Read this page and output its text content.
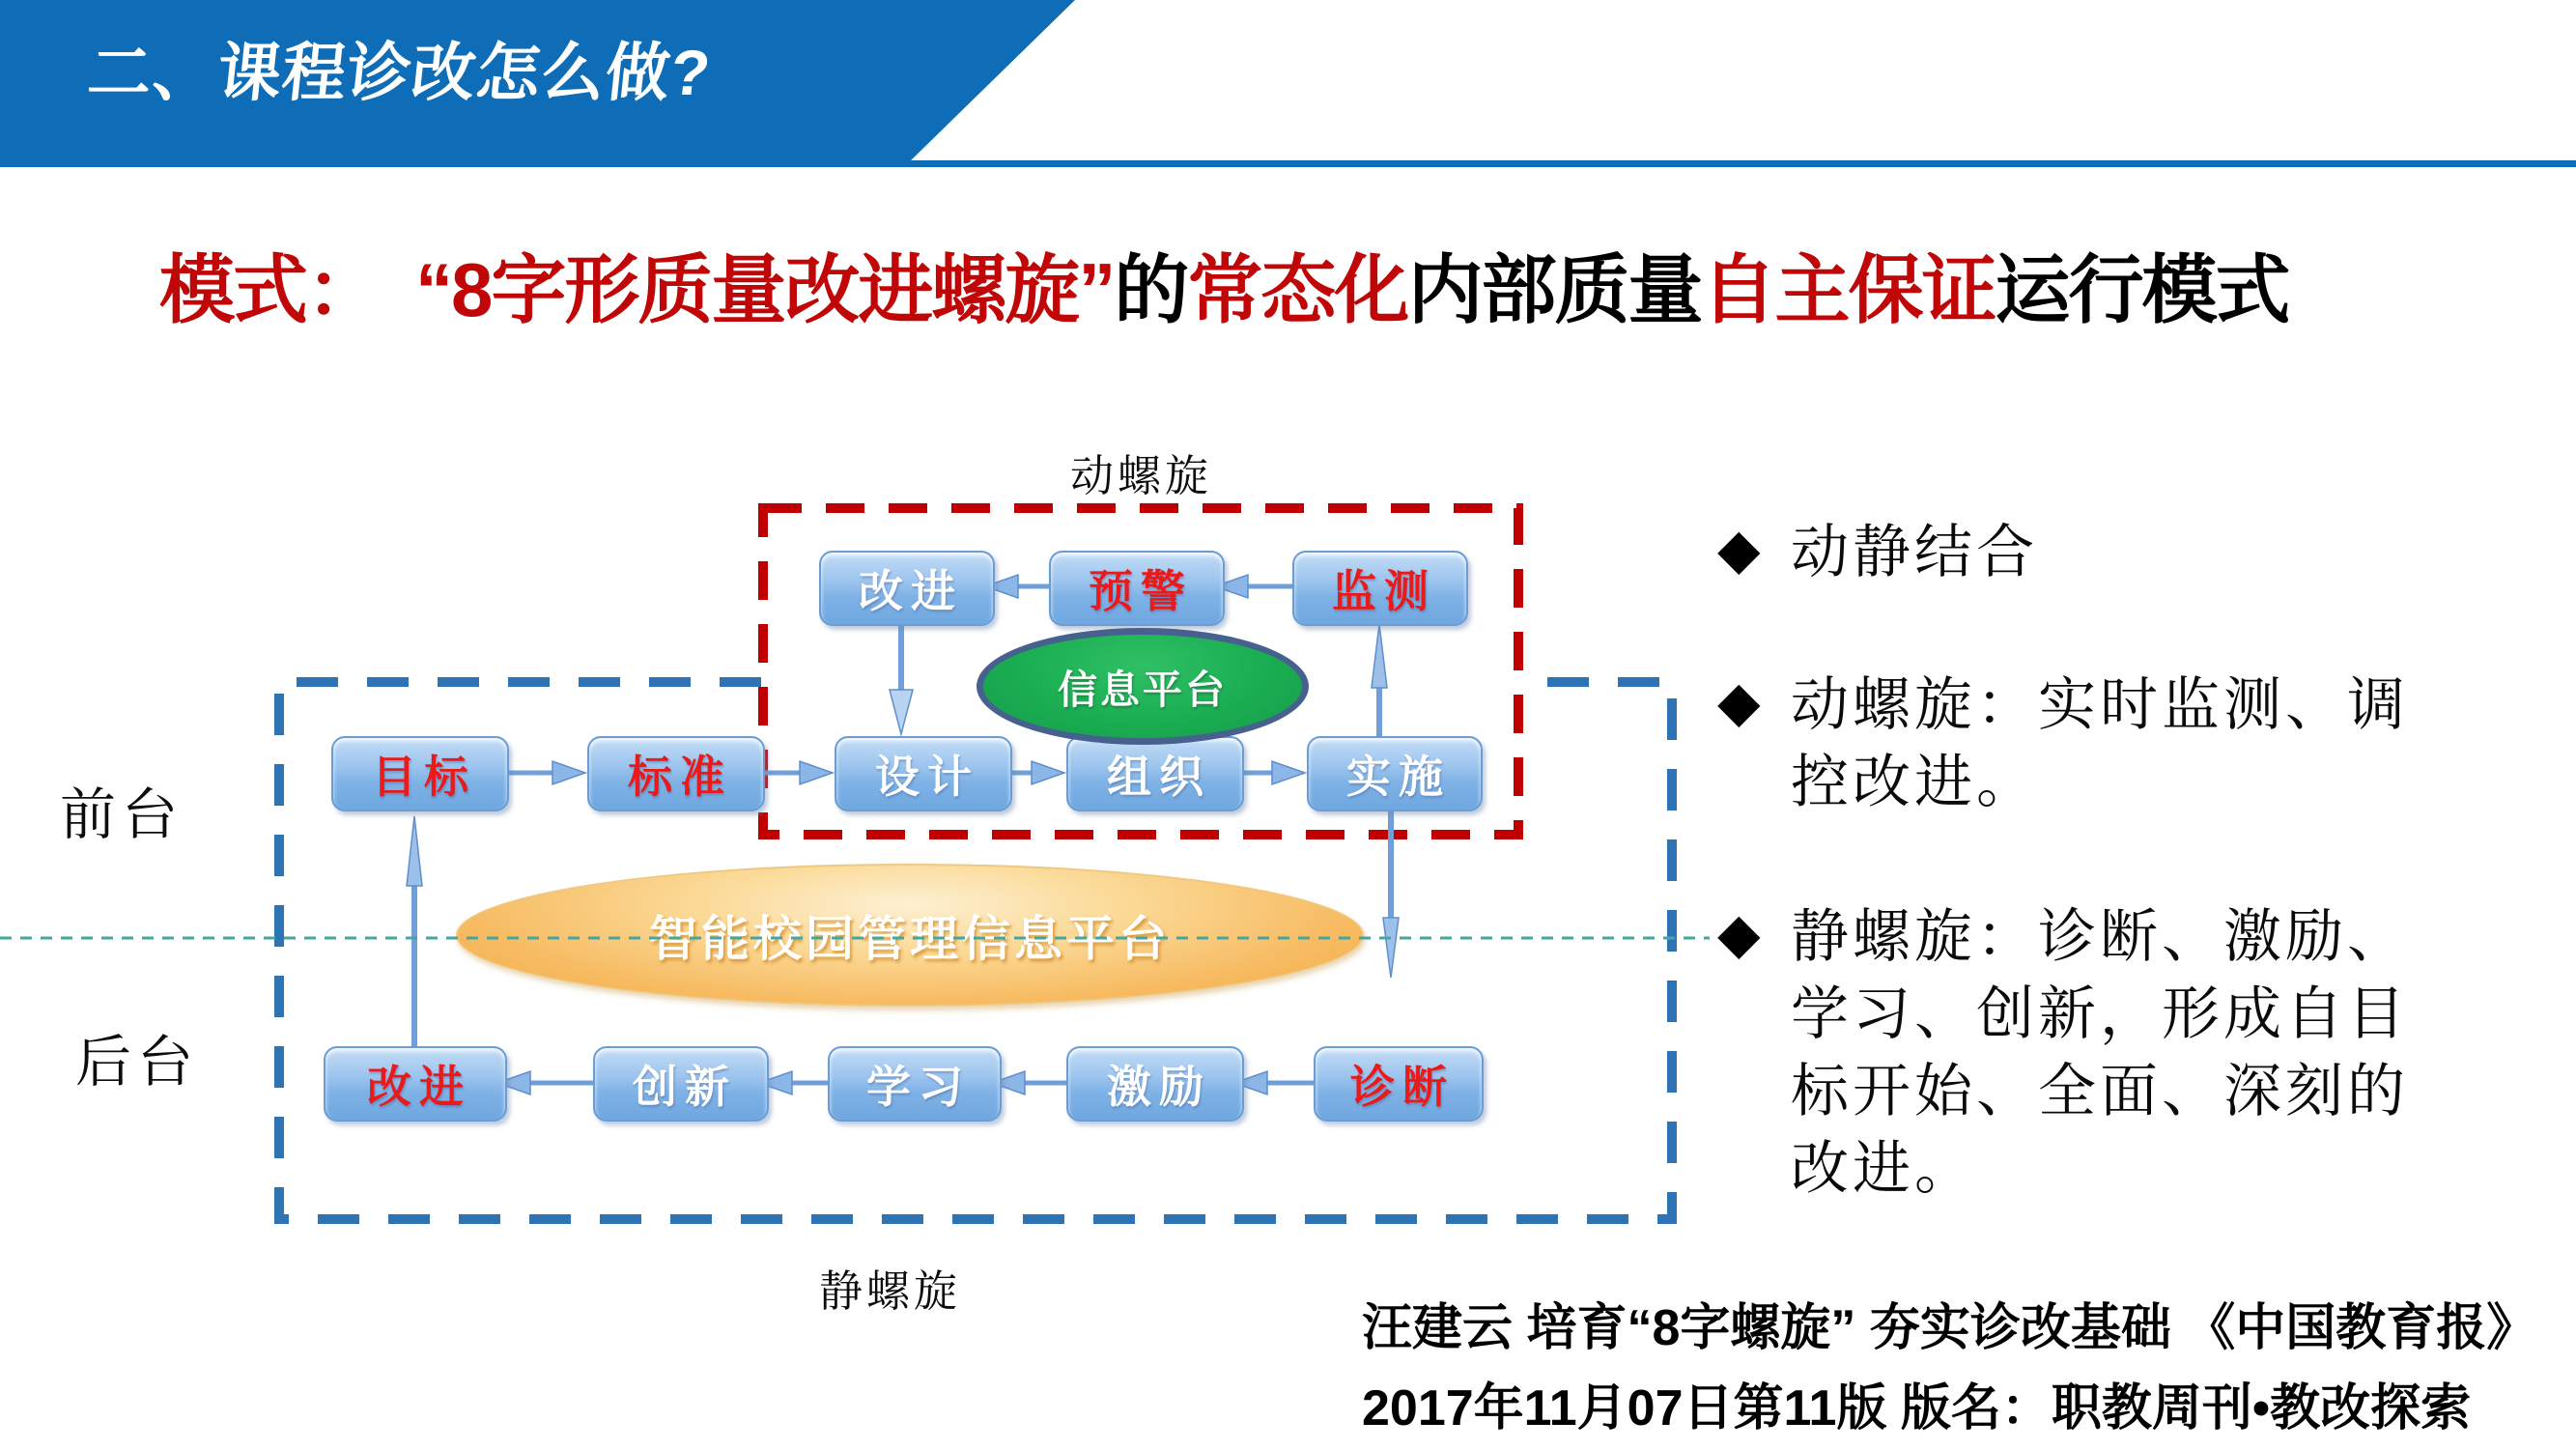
二、课程诊改怎么做?
模式：　“8字形质量改进螺旋”的常态化内部质量自主保证运行模式
动螺旋
静螺旋
前台
后台
改进	预警	监测
目标	标准	设计	组织	实施
改进	创新	学习	激励	诊断
信息平台
智能校园管理信息平台
◆ 动静结合
◆ 动螺旋：实时监测、调
控改进。
◆ 静螺旋：诊断、激励、
学习、创新，形成自目
标开始、全面、深刻的
改进。
汪建云 培育“8字螺旋” 夯实诊改基础 《中国教育报》
2017年11月07日第11版 版名：职教周刊•教改探索
